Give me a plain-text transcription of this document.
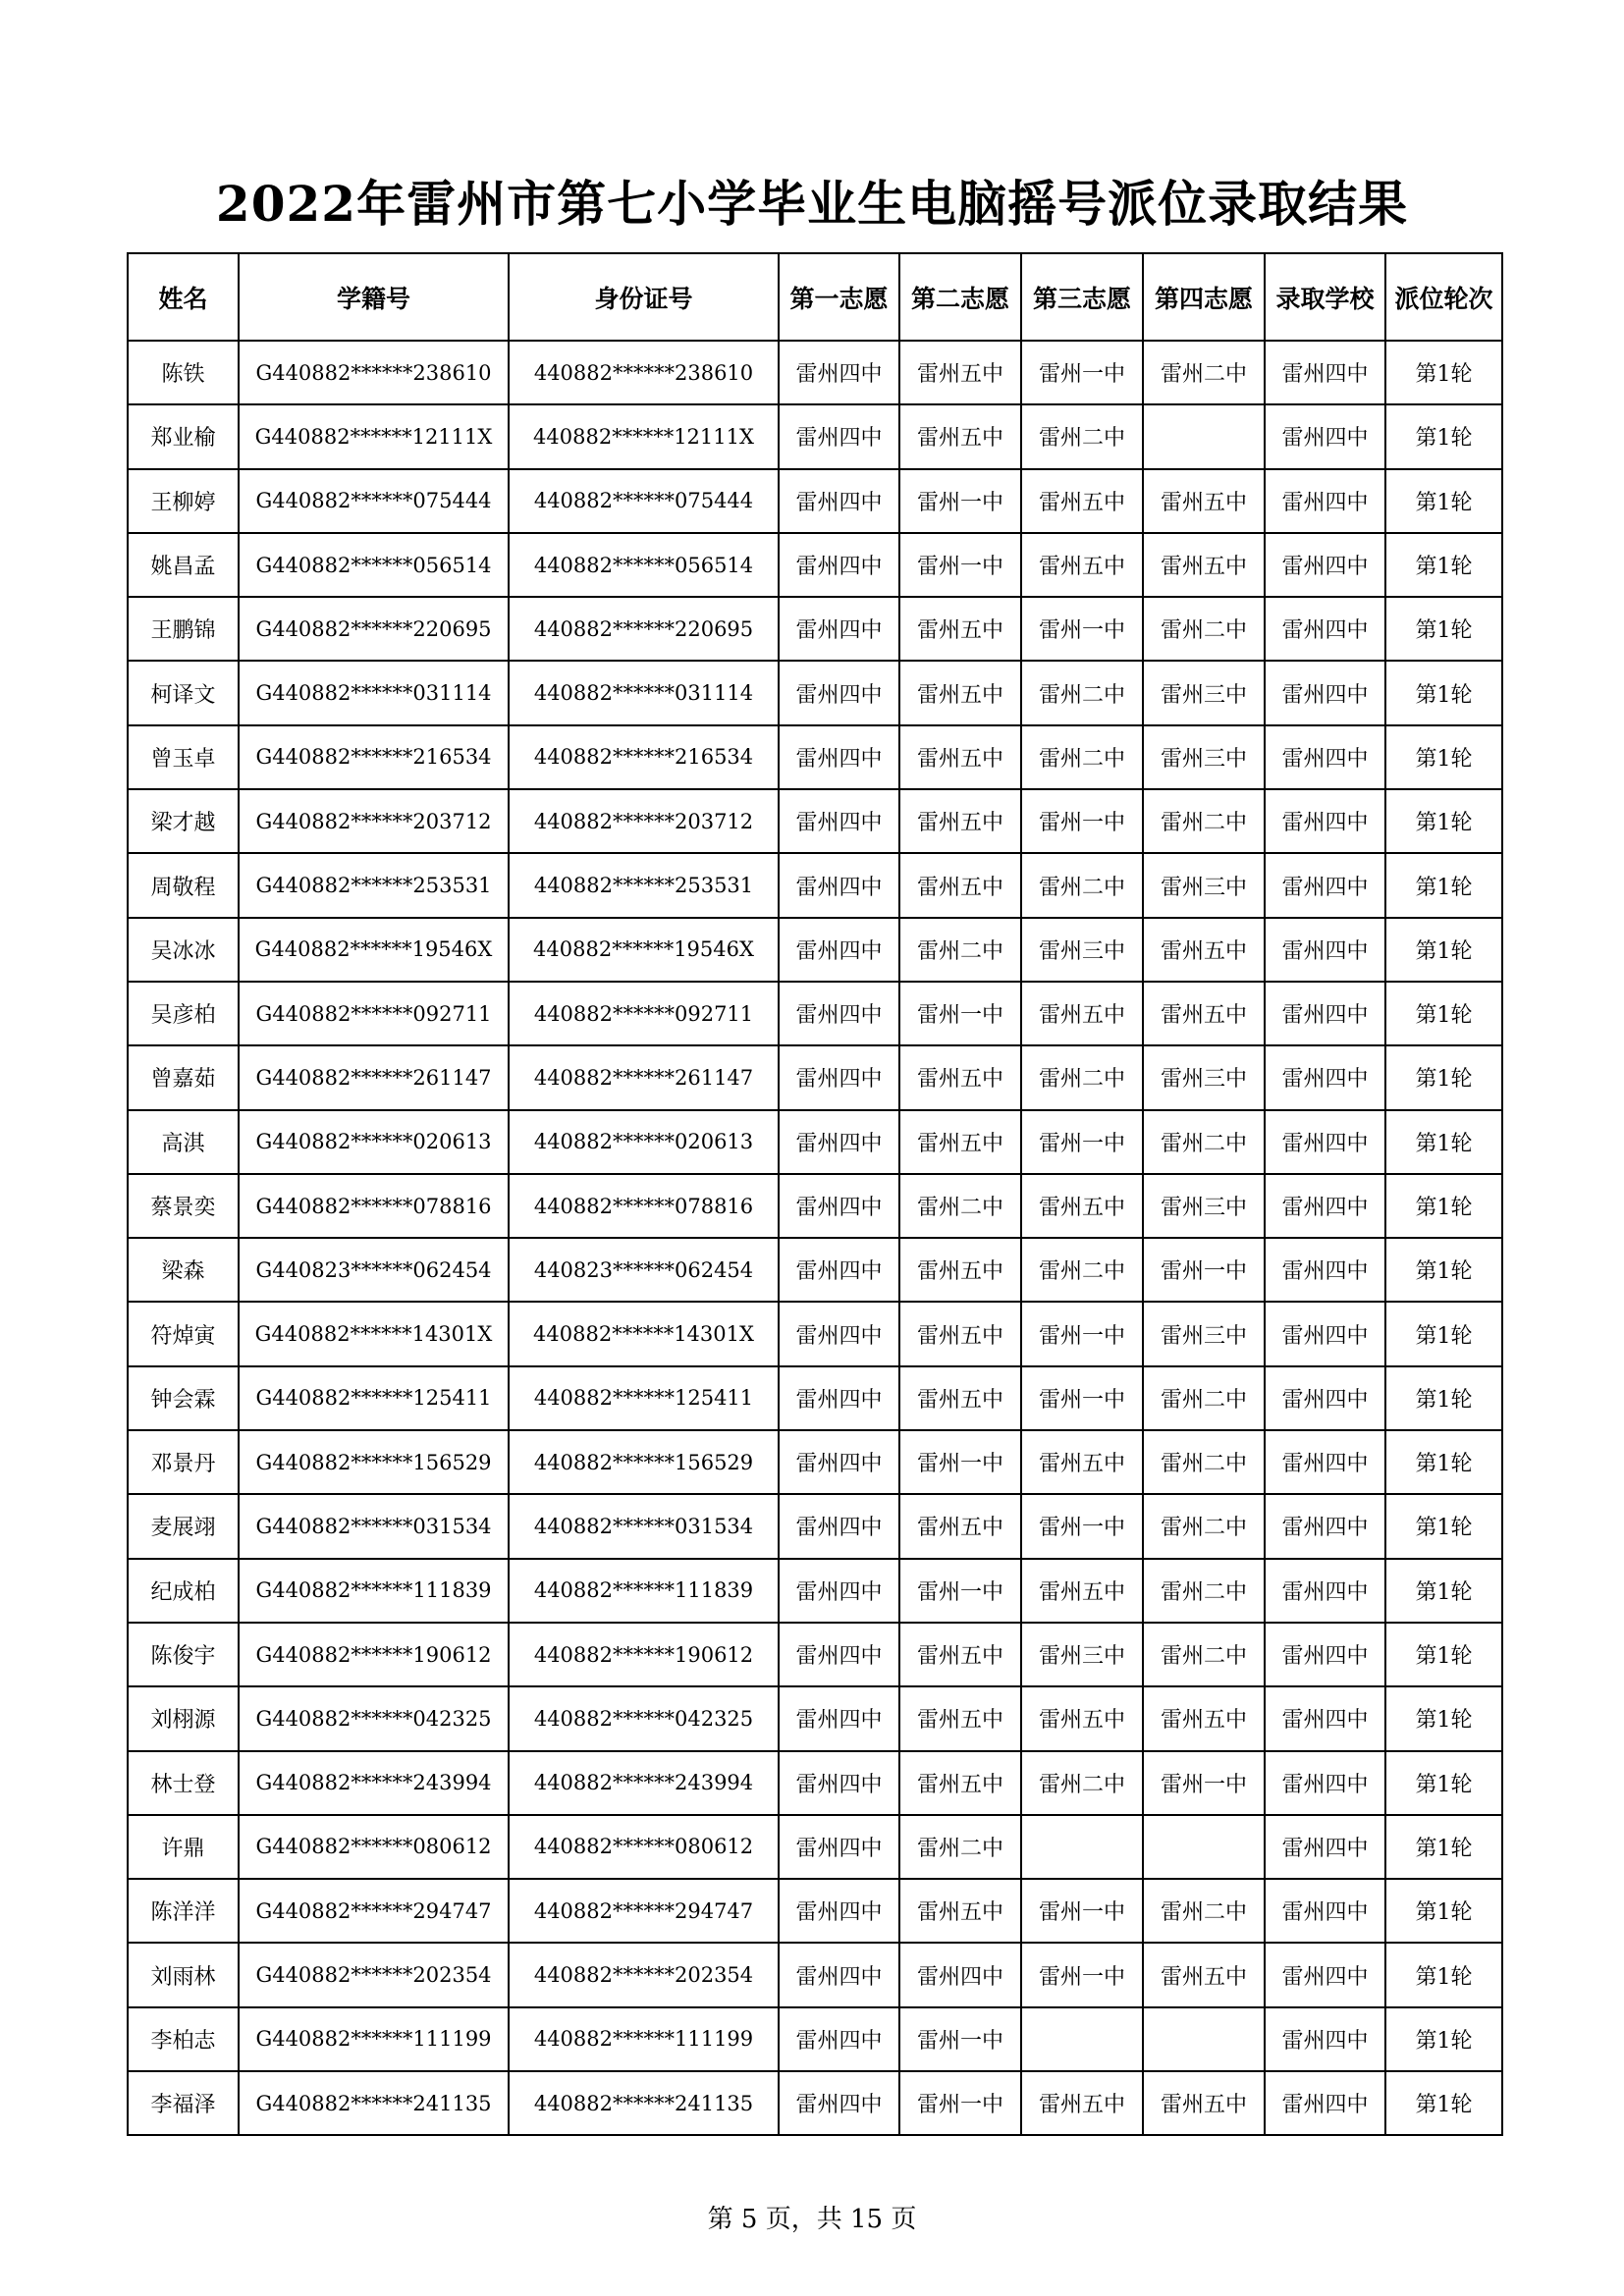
2022年雷州市第七小学毕业生电脑摇号派位录取结果
姓名	学籍号	身份证号	第一志愿	第二志愿	第三志愿	第四志愿	录取学校	派位轮次
陈铁	G440882******238610	440882******238610	雷州四中	雷州五中	雷州一中	雷州二中	雷州四中	第1轮
郑业榆	G440882******12111X	440882******12111X	雷州四中	雷州五中	雷州二中		雷州四中	第1轮
王柳婷	G440882******075444	440882******075444	雷州四中	雷州一中	雷州五中	雷州五中	雷州四中	第1轮
姚昌孟	G440882******056514	440882******056514	雷州四中	雷州一中	雷州五中	雷州五中	雷州四中	第1轮
王鹏锦	G440882******220695	440882******220695	雷州四中	雷州五中	雷州一中	雷州二中	雷州四中	第1轮
柯译文	G440882******031114	440882******031114	雷州四中	雷州五中	雷州二中	雷州三中	雷州四中	第1轮
曾玉卓	G440882******216534	440882******216534	雷州四中	雷州五中	雷州二中	雷州三中	雷州四中	第1轮
梁才越	G440882******203712	440882******203712	雷州四中	雷州五中	雷州一中	雷州二中	雷州四中	第1轮
周敬程	G440882******253531	440882******253531	雷州四中	雷州五中	雷州二中	雷州三中	雷州四中	第1轮
吴冰冰	G440882******19546X	440882******19546X	雷州四中	雷州二中	雷州三中	雷州五中	雷州四中	第1轮
吴彦柏	G440882******092711	440882******092711	雷州四中	雷州一中	雷州五中	雷州五中	雷州四中	第1轮
曾嘉茹	G440882******261147	440882******261147	雷州四中	雷州五中	雷州二中	雷州三中	雷州四中	第1轮
高淇	G440882******020613	440882******020613	雷州四中	雷州五中	雷州一中	雷州二中	雷州四中	第1轮
蔡景奕	G440882******078816	440882******078816	雷州四中	雷州二中	雷州五中	雷州三中	雷州四中	第1轮
梁森	G440823******062454	440823******062454	雷州四中	雷州五中	雷州二中	雷州一中	雷州四中	第1轮
符焯寅	G440882******14301X	440882******14301X	雷州四中	雷州五中	雷州一中	雷州三中	雷州四中	第1轮
钟会霖	G440882******125411	440882******125411	雷州四中	雷州五中	雷州一中	雷州二中	雷州四中	第1轮
邓景丹	G440882******156529	440882******156529	雷州四中	雷州一中	雷州五中	雷州二中	雷州四中	第1轮
麦展翊	G440882******031534	440882******031534	雷州四中	雷州五中	雷州一中	雷州二中	雷州四中	第1轮
纪成柏	G440882******111839	440882******111839	雷州四中	雷州一中	雷州五中	雷州二中	雷州四中	第1轮
陈俊宇	G440882******190612	440882******190612	雷州四中	雷州五中	雷州三中	雷州二中	雷州四中	第1轮
刘栩源	G440882******042325	440882******042325	雷州四中	雷州五中	雷州五中	雷州五中	雷州四中	第1轮
林士登	G440882******243994	440882******243994	雷州四中	雷州五中	雷州二中	雷州一中	雷州四中	第1轮
许鼎	G440882******080612	440882******080612	雷州四中	雷州二中			雷州四中	第1轮
陈洋洋	G440882******294747	440882******294747	雷州四中	雷州五中	雷州一中	雷州二中	雷州四中	第1轮
刘雨林	G440882******202354	440882******202354	雷州四中	雷州四中	雷州一中	雷州五中	雷州四中	第1轮
李柏志	G440882******111199	440882******111199	雷州四中	雷州一中			雷州四中	第1轮
李福泽	G440882******241135	440882******241135	雷州四中	雷州一中	雷州五中	雷州五中	雷州四中	第1轮
第 5 页，共 15 页
